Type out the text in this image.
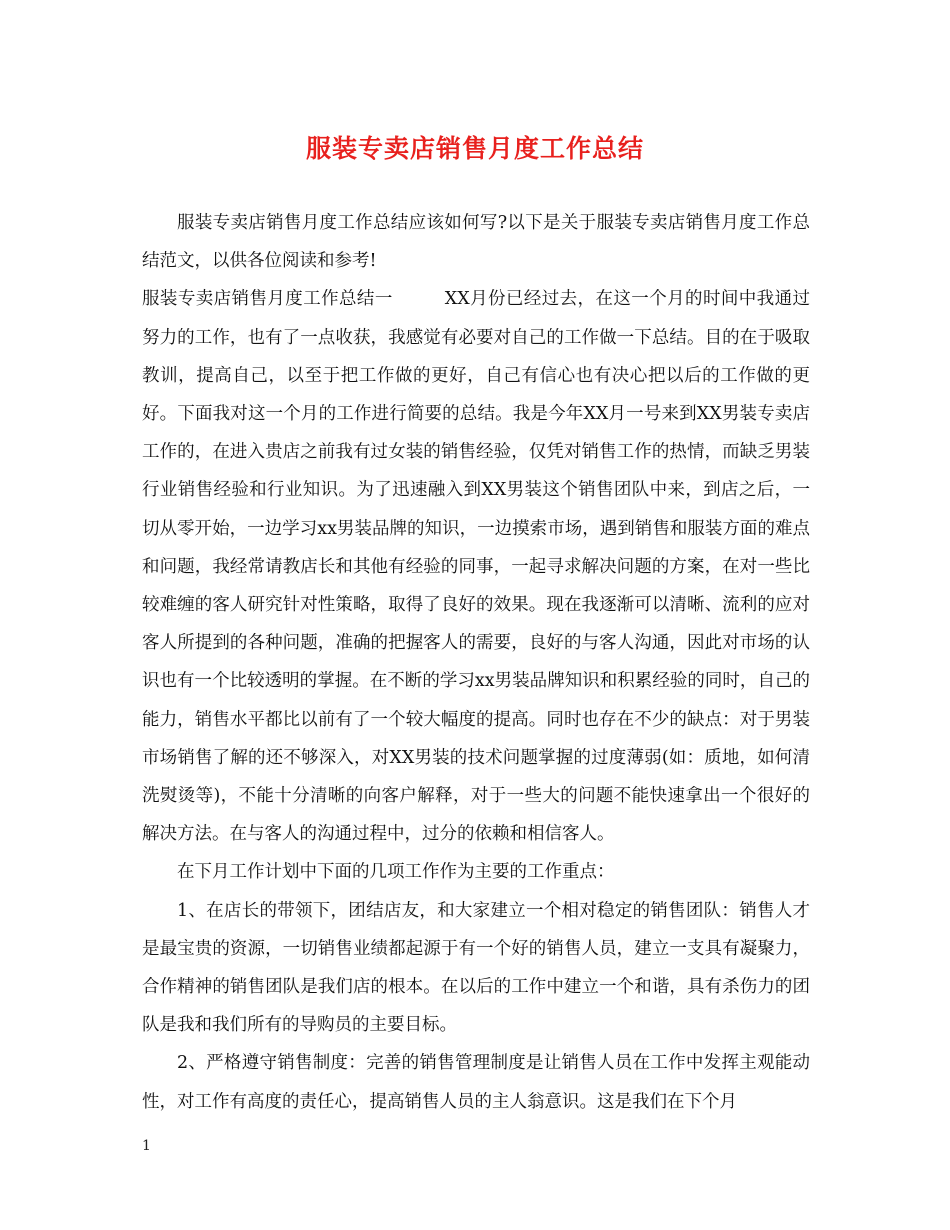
服装专卖店销售月度工作总结

服装专卖店销售月度工作总结应该如何写?以下是关于服装专卖店销售月度工作总结范文，以供各位阅读和参考!

服装专卖店销售月度工作总结一	XX月份已经过去，在这一个月的时间中我通过努力的工作，也有了一点收获，我感觉有必要对自己的工作做一下总结。目的在于吸取教训，提高自己，以至于把工作做的更好，自己有信心也有决心把以后的工作做的更好。下面我对这一个月的工作进行简要的总结。我是今年XX月一号来到XX男装专卖店工作的，在进入贵店之前我有过女装的销售经验，仅凭对销售工作的热情，而缺乏男装行业销售经验和行业知识。为了迅速融入到XX男装这个销售团队中来，到店之后，一切从零开始，一边学习xx男装品牌的知识，一边摸索市场，遇到销售和服装方面的难点和问题，我经常请教店长和其他有经验的同事，一起寻求解决问题的方案，在对一些比较难缠的客人研究针对性策略，取得了良好的效果。现在我逐渐可以清晰、流利的应对客人所提到的各种问题，准确的把握客人的需要，良好的与客人沟通，因此对市场的认识也有一个比较透明的掌握。在不断的学习xx男装品牌知识和积累经验的同时，自己的能力，销售水平都比以前有了一个较大幅度的提高。同时也存在不少的缺点：对于男装市场销售了解的还不够深入，对XX男装的技术问题掌握的过度薄弱(如：质地，如何清洗熨烫等)，不能十分清晰的向客户解释，对于一些大的问题不能快速拿出一个很好的解决方法。在与客人的沟通过程中，过分的依赖和相信客人。

在下月工作计划中下面的几项工作作为主要的工作重点：

1、在店长的带领下，团结店友，和大家建立一个相对稳定的销售团队：销售人才是最宝贵的资源，一切销售业绩都起源于有一个好的销售人员，建立一支具有凝聚力，合作精神的销售团队是我们店的根本。在以后的工作中建立一个和谐，具有杀伤力的团队是我和我们所有的导购员的主要目标。

2、严格遵守销售制度：完善的销售管理制度是让销售人员在工作中发挥主观能动性，对工作有高度的责任心，提高销售人员的主人翁意识。这是我们在下个月

1
